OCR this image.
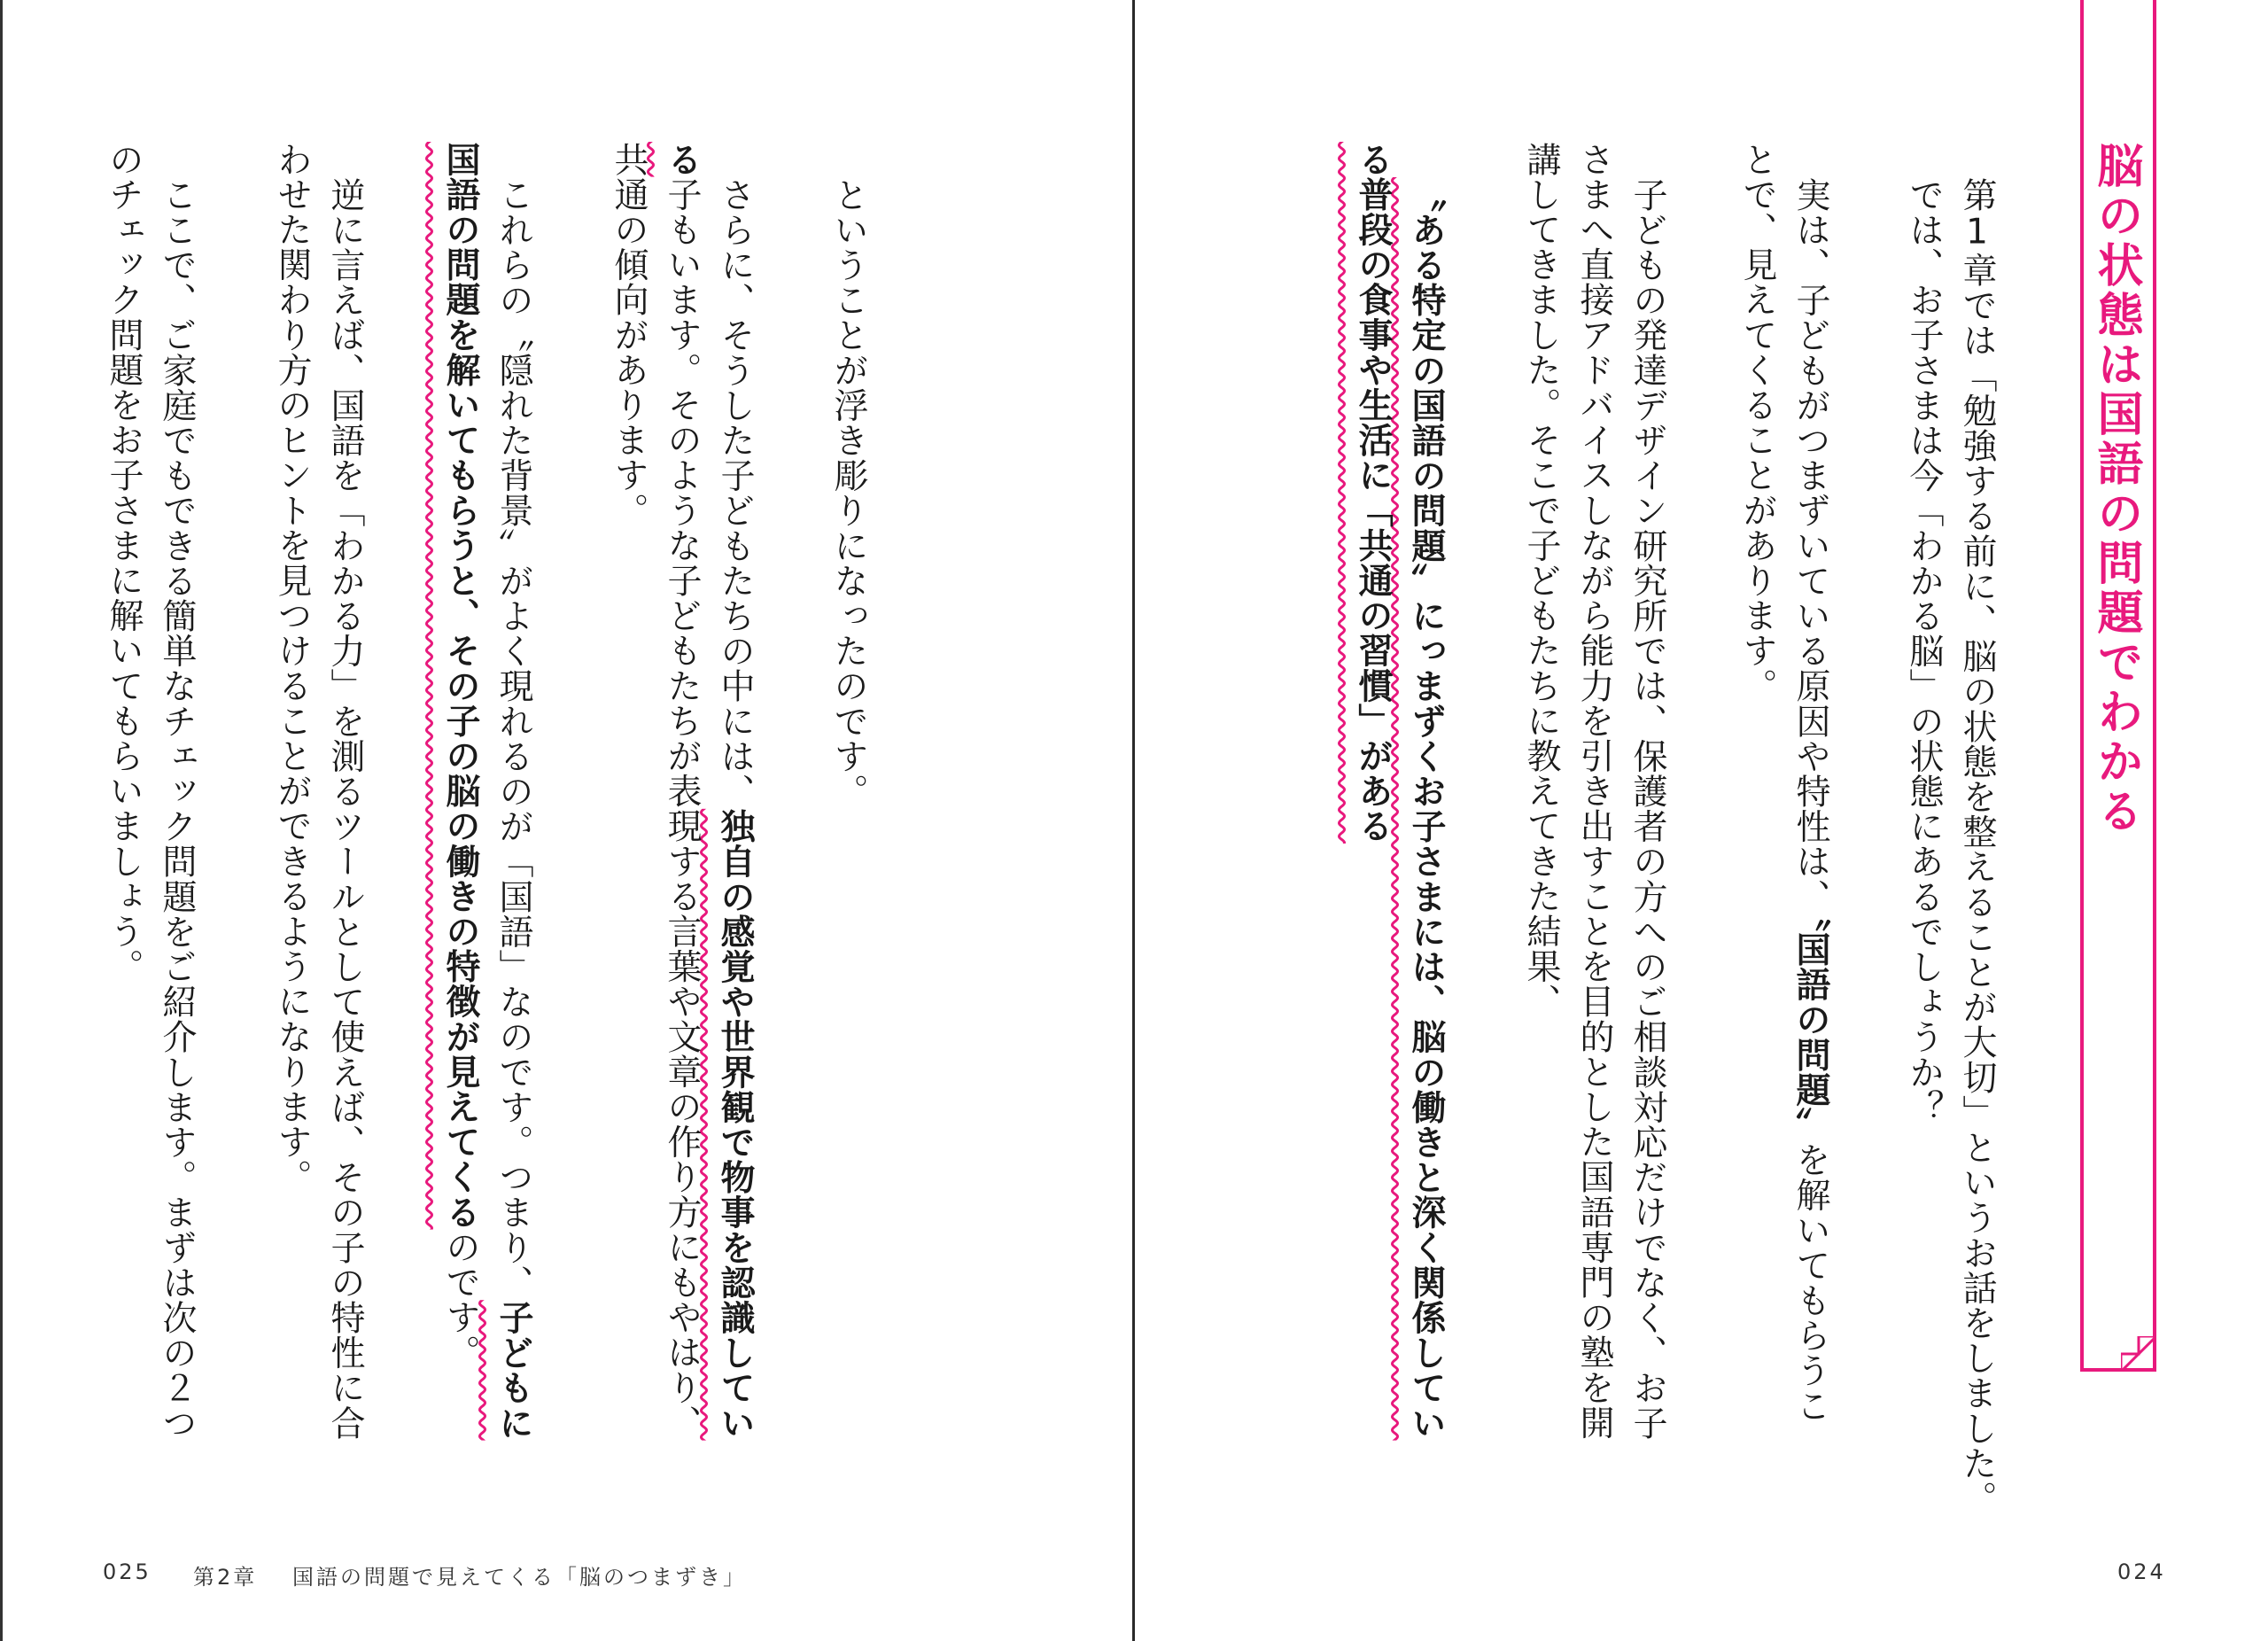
脳の状態は国語の問題でわかる
第1章では「勉強する前に、脳の状態を整えることが大切」というお話をしました。
では、お子さまは今「わかる脳」の状態にあるでしょうか？
実は、子どもがつまずいている原因や特性は、〝国語の問題〟を解いてもらうこ
とで、見えてくることがあります。
子どもの発達デザイン研究所では、保護者の方へのご相談対応だけでなく、お子
さまへ直接アドバイスしながら能力を引き出すことを目的とした国語専門の塾を開
講してきました。そこで子どもたちに教えてきた結果、
〝ある特定の国語の問題〟にっまずくお子さまには、脳の働きと深く関係してい
る普段の食事や生活に「共通の習慣」がある
ということが浮き彫りになったのです。
さらに、そうした子どもたちの中には、独自の感覚や世界観で物事を認識してい
る子もいます。そのような子どもたちが表現する言葉や文章の作り方にもやはり、
共通の傾向があります。
これらの〝隠れた背景〟がよく現れるのが「国語」なのです。つまり、子どもに
国語の問題を解いてもらうと、その子の脳の働きの特徴が見えてくるのです。
逆に言えば、国語を「わかる力」を測るツールとして使えば、その子の特性に合
わせた関わり方のヒントを見つけることができるようになります。
ここで、ご家庭でもできる簡単なチェック問題をご紹介します。まずは次の２つ
のチェック問題をお子さまに解いてもらいましょう。
025 第2章 国語の問題で見えてくる「脳のつまずき」	024
